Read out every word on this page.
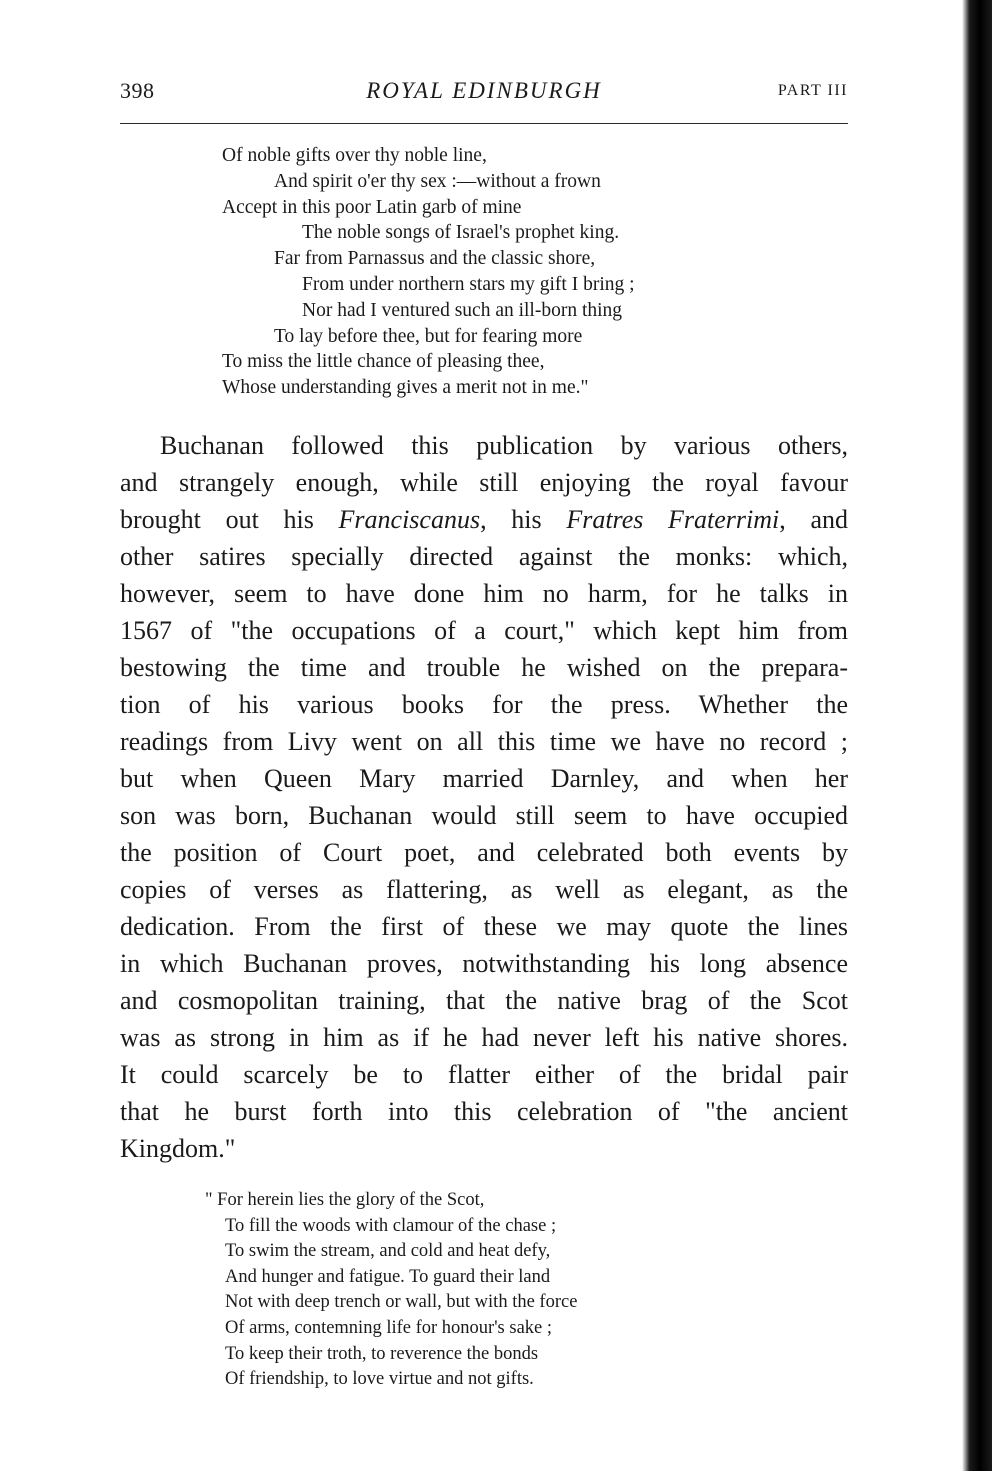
398	ROYAL EDINBURGH	PART III
Of noble gifts over thy noble line,
And spirit o'er thy sex :—without a frown
Accept in this poor Latin garb of mine
The noble songs of Israel's prophet king.
Far from Parnassus and the classic shore,
From under northern stars my gift I bring ;
Nor had I ventured such an ill-born thing
To lay before thee, but for fearing more
To miss the little chance of pleasing thee,
Whose understanding gives a merit not in me."
Buchanan followed this publication by various others,
and strangely enough, while still enjoying the royal favour
brought out his Franciscanus, his Fratres Fraterrimi, and
other satires specially directed against the monks: which,
however, seem to have done him no harm, for he talks in
1567 of "the occupations of a court," which kept him from
bestowing the time and trouble he wished on the prepara-
tion of his various books for the press. Whether the
readings from Livy went on all this time we have no record ;
but when Queen Mary married Darnley, and when her
son was born, Buchanan would still seem to have occupied
the position of Court poet, and celebrated both events by
copies of verses as flattering, as well as elegant, as the
dedication. From the first of these we may quote the lines
in which Buchanan proves, notwithstanding his long absence
and cosmopolitan training, that the native brag of the Scot
was as strong in him as if he had never left his native shores.
It could scarcely be to flatter either of the bridal pair
that he burst forth into this celebration of "the ancient
Kingdom."
" For herein lies the glory of the Scot,
To fill the woods with clamour of the chase ;
To swim the stream, and cold and heat defy,
And hunger and fatigue. To guard their land
Not with deep trench or wall, but with the force
Of arms, contemning life for honour's sake ;
To keep their troth, to reverence the bonds
Of friendship, to love virtue and not gifts.
